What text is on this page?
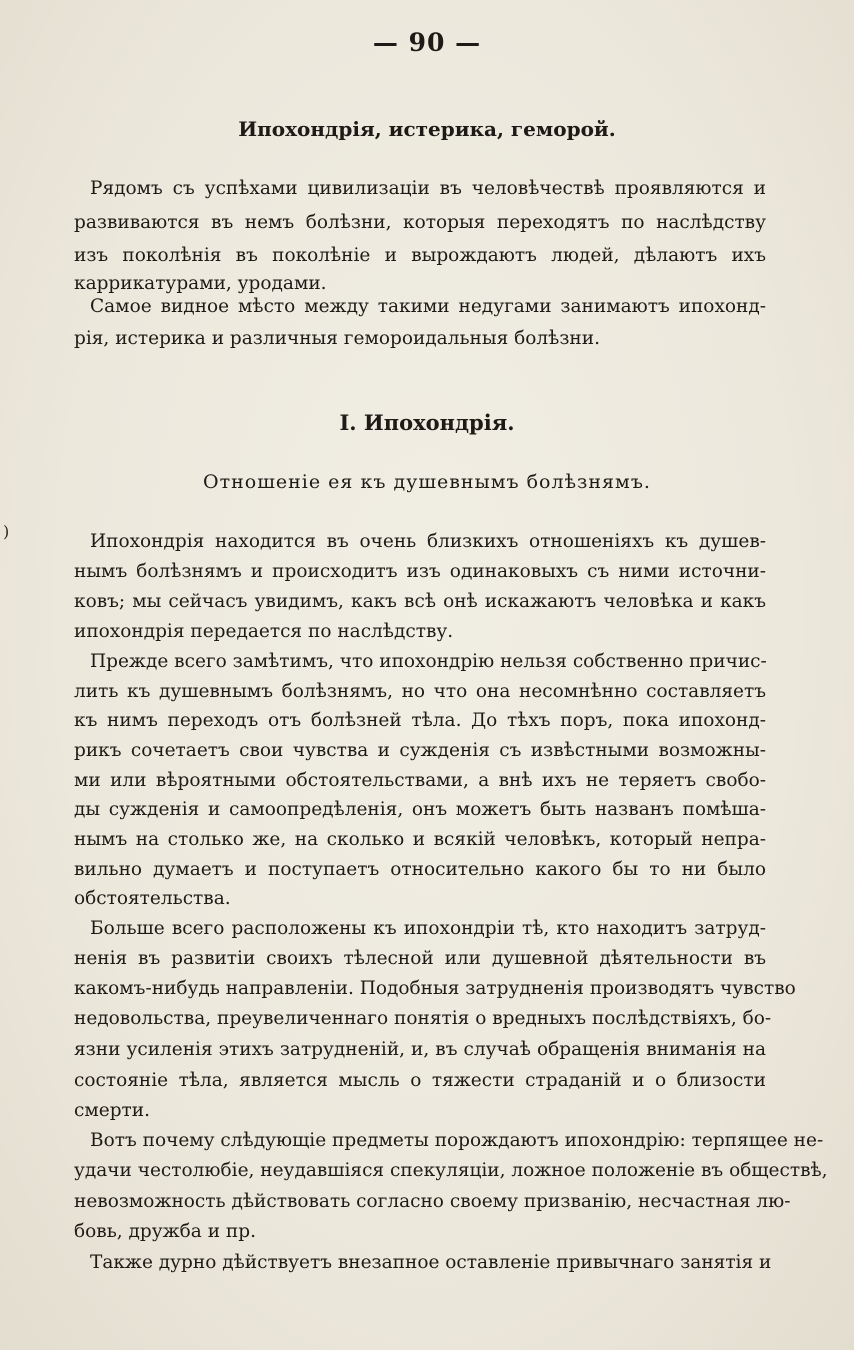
— 90 —
Ипохондрія, истерика, геморой.
Рядомъ съ успѣхами цивилизаціи въ человѣчествѣ проявляются и
развиваются въ немъ болѣзни, которыя переходятъ по наслѣдству
изъ поколѣнія въ поколѣніе и вырождаютъ людей, дѣлаютъ ихъ
каррикатурами, уродами.
Самое видное мѣсто между такими недугами занимаютъ ипохонд-
рія, истерика и различныя геморoидальныя болѣзни.
I. Ипохондрія.
Отношеніе ея къ душевнымъ болѣзнямъ.
)	Ипохондрія находится въ очень близкихъ отношеніяхъ къ душев-
нымъ болѣзнямъ и происходитъ изъ одинаковыхъ съ ними источни-
ковъ; мы сейчасъ увидимъ, какъ всѣ онѣ искажаютъ человѣка и какъ
ипохондрія передается по наслѣдству.
Прежде всего замѣтимъ, что ипохондрію нельзя собственно причис-
лить къ душевнымъ болѣзнямъ, но что она несомнѣнно составляетъ
къ нимъ переходъ отъ болѣзней тѣла. До тѣхъ поръ, пока ипохонд-
рикъ сочетаетъ свои чувства и сужденія съ извѣстными возможны-
ми или вѣроятными обстоятельствами, а внѣ ихъ не теряетъ свобо-
ды сужденія и самоопредѣленія, онъ можетъ быть названъ помѣша-
нымъ на столько же, на сколько и всякій человѣкъ, который непра-
вильно думаетъ и поступаетъ относительно какого бы то ни было
обстоятельства.
Больше всего расположены къ ипохондріи тѣ, кто находитъ затруд-
ненія въ развитіи своихъ тѣлесной или душевной дѣятельности въ
какомъ-нибудь направленіи. Подобныя затрудненія производятъ чувство
недовольства, преувеличеннаго понятія о вредныхъ послѣдствіяхъ, бо-
язни усиленія этихъ затрудненій, и, въ случаѣ обращенія вниманія на
состояніе тѣла, является мысль о тяжести страданій и о близости
смерти.
Вотъ почему слѣдующіе предметы порождаютъ ипохондрію: терпящее не-
удачи честолюбіе, неудавшіяся спекуляціи, ложное положеніе въ обществѣ,
невозможность дѣйствовать согласно своему призванію, несчастная лю-
бовь, дружба и пр.
Также дурно дѣйствуетъ внезапное оставленіе привычнаго занятія и
